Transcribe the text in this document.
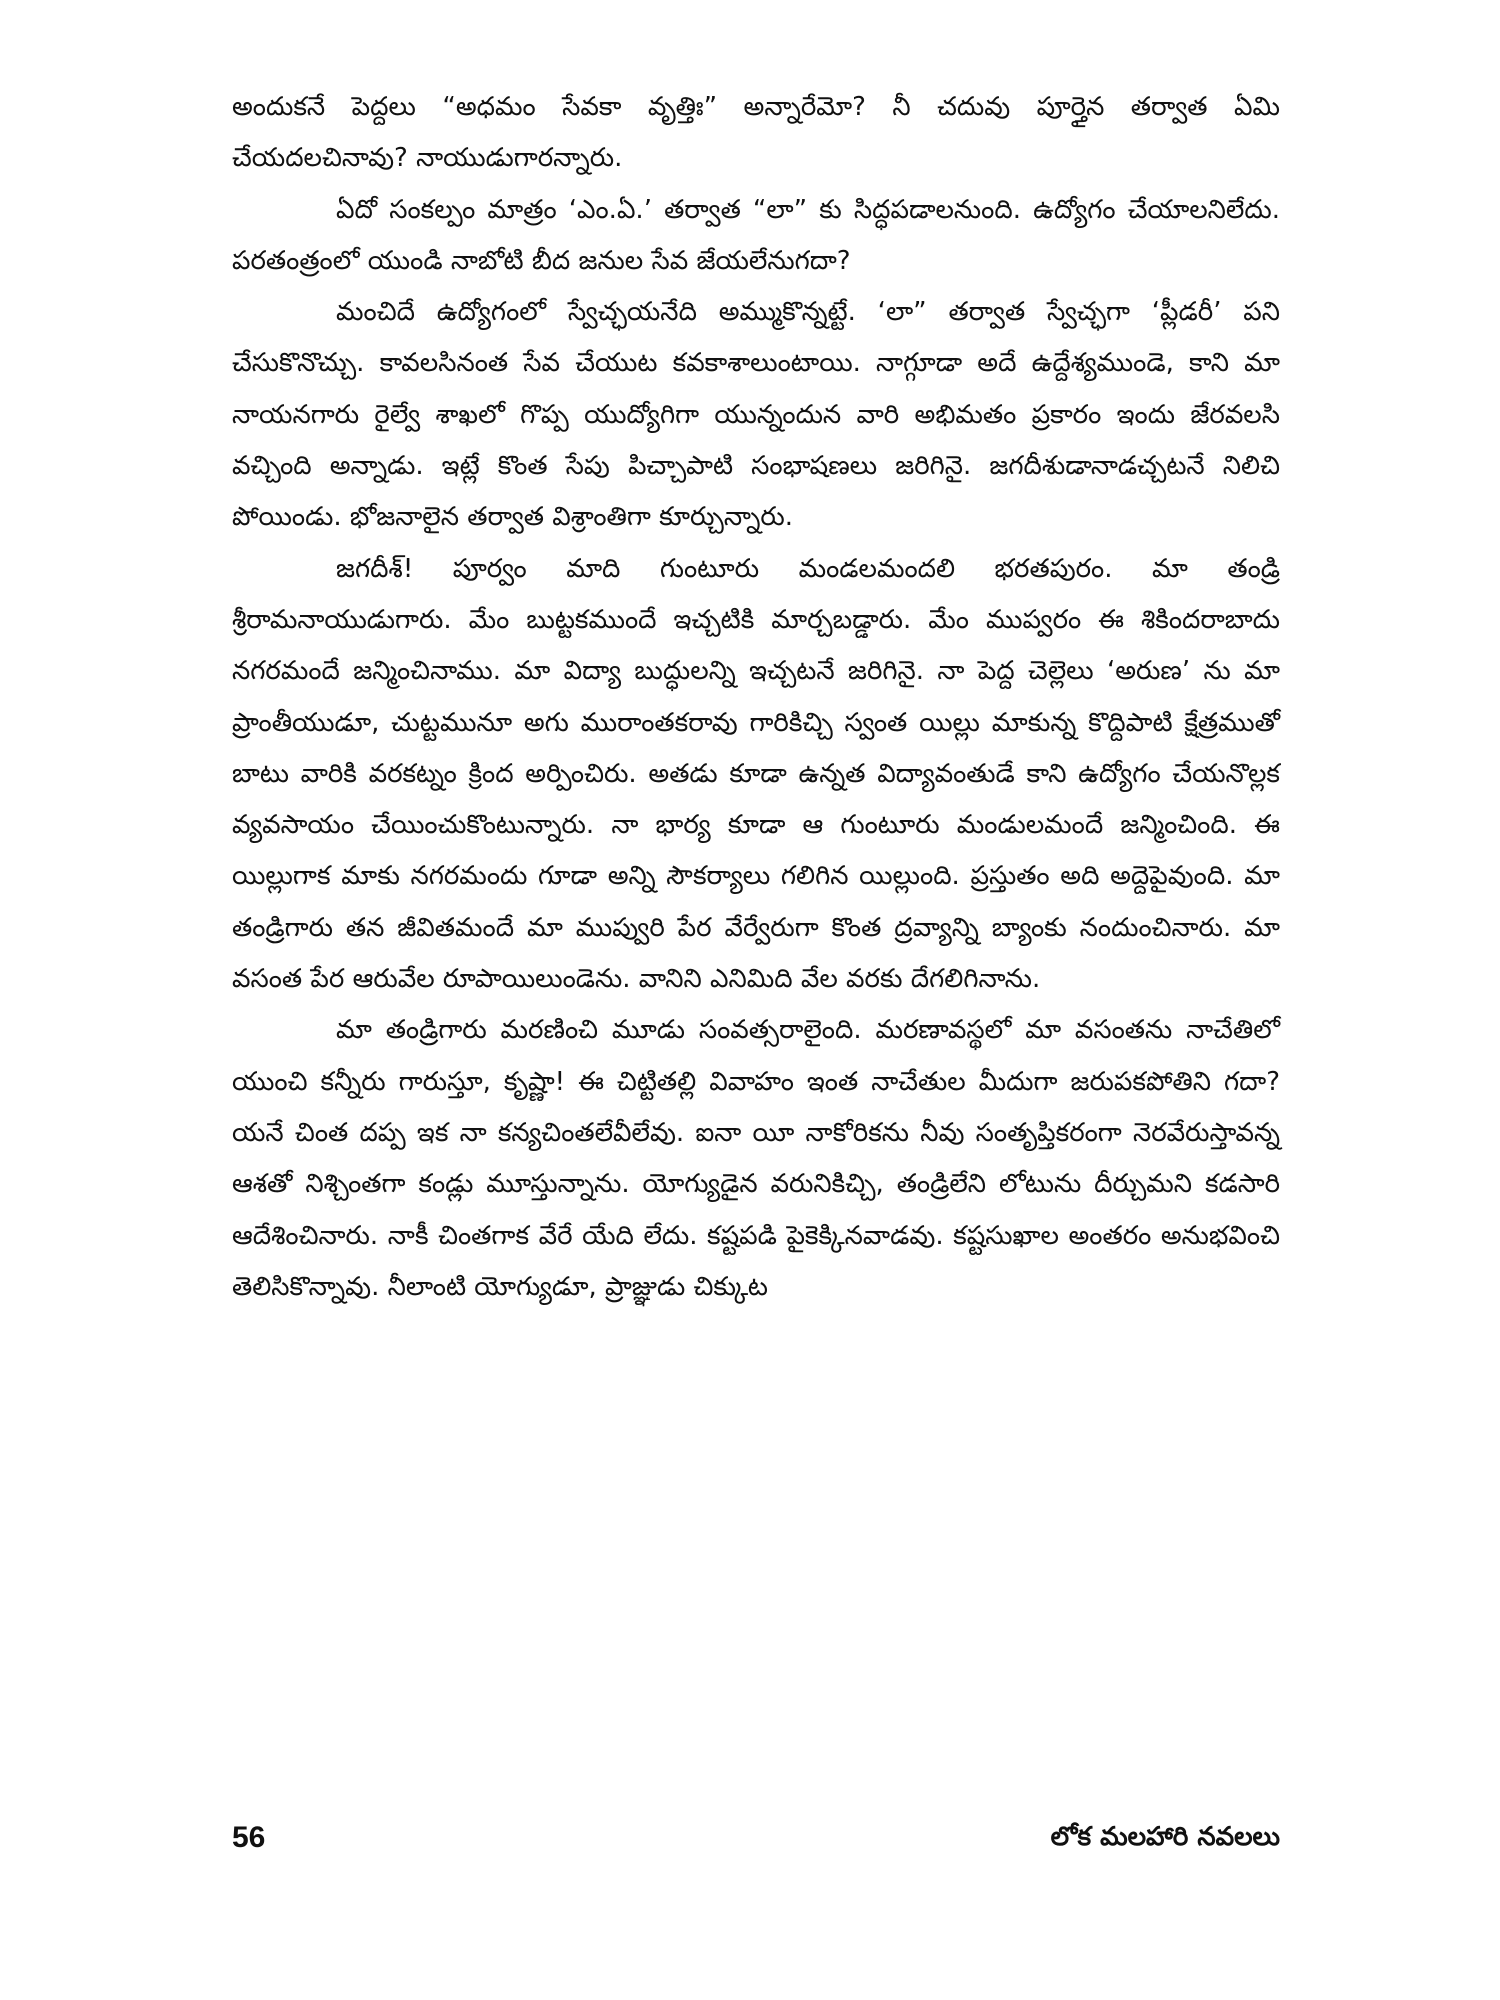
అందుకనే పెద్దలు “అధమం సేవకా వృత్తిః” అన్నారేమో? నీ చదువు పూర్తైన తర్వాత ఏమి చేయదలచినావు? నాయుడుగారన్నారు.

ఏదో సంకల్పం మాత్రం ‘ఎం.ఏ.’ తర్వాత “లా” కు సిద్ధపడాలనుంది. ఉద్యోగం చేయాలనిలేదు. పరతంత్రంలో యుండి నాబోటి బీద జనుల సేవ జేయలేనుగదా?

మంచిదే ఉద్యోగంలో స్వేచ్ఛయనేది అమ్ముకొన్నట్టే. ‘లా” తర్వాత స్వేచ్ఛగా ‘ప్లీడరీ’ పని చేసుకొనొచ్చు. కావలసినంత సేవ చేయుట కవకాశాలుంటాయి. నాగ్గూడా అదే ఉద్దేశ్యముండె, కాని మా నాయనగారు రైల్వే శాఖలో గొప్ప యుద్యోగిగా యున్నందున వారి అభిమతం ప్రకారం ఇందు జేరవలసి వచ్చింది అన్నాడు. ఇట్లే కొంత సేపు పిచ్చాపాటి సంభాషణలు జరిగినై. జగదీశుడానాడచ్చటనే నిలిచి పోయిండు. భోజనాలైన తర్వాత విశ్రాంతిగా కూర్చున్నారు.

జగదీశ్! పూర్వం మాది గుంటూరు మండలమందలి భరతపురం. మా తండ్రి శ్రీరామనాయుడుగారు. మేం బుట్టకముందే ఇచ్చటికి మార్చబడ్డారు. మేం ముప్వరం ఈ శికిందరాబాదు నగరమందే జన్మించినాము. మా విద్యా బుద్ధులన్ని ఇచ్చటనే జరిగినై. నా పెద్ద చెల్లెలు ‘అరుణ’ ను మా ప్రాంతీయుడూ, చుట్టమునూ అగు మురాంతకరావు గారికిచ్చి స్వంత యిల్లు మాకున్న కొద్దిపాటి క్షేత్రముతో బాటు వారికి వరకట్నం క్రింద అర్పించిరు. అతడు కూడా ఉన్నత విద్యావంతుడే కాని ఉద్యోగం చేయనొల్లక వ్యవసాయం చేయించుకొంటున్నారు. నా భార్య కూడా ఆ గుంటూరు మండులమందే జన్మించింది. ఈ యిల్లుగాక మాకు నగరమందు గూడా అన్ని సౌకర్యాలు గలిగిన యిల్లుంది. ప్రస్తుతం అది అద్దెపైవుంది. మా తండ్రిగారు తన జీవితమందే మా ముప్వురి పేర వేర్వేరుగా కొంత ద్రవ్యాన్ని బ్యాంకు నందుంచినారు. మా వసంత పేర ఆరువేల రూపాయిలుండెను. వానిని ఎనిమిది వేల వరకు దేగలిగినాను.

మా తండ్రిగారు మరణించి మూడు సంవత్సరాలైంది. మరణావస్థలో మా వసంతను నాచేతిలో యుంచి కన్నీరు గారుస్తూ, కృష్ణా! ఈ చిట్టితల్లి వివాహం ఇంత నాచేతుల మీదుగా జరుపకపోతిని గదా? యనే చింత దప్ప ఇక నా కన్యచింతలేవీలేవు. ఐనా యీ నాకోరికను నీవు సంతృప్తికరంగా నెరవేరుస్తావన్న ఆశతో నిశ్చింతగా కండ్లు మూస్తున్నాను. యోగ్యుడైన వరునికిచ్చి, తండ్రిలేని లోటును దీర్చుమని కడసారి ఆదేశించినారు. నాకీ చింతగాక వేరే యేది లేదు. కష్టపడి పైకెక్కినవాడవు. కష్టసుఖాల అంతరం అనుభవించి తెలిసికొన్నావు. నీలాంటి యోగ్యుడూ, ప్రాజ్ఞుడు చిక్కుట

56	లోక మలహారి నవలలు
